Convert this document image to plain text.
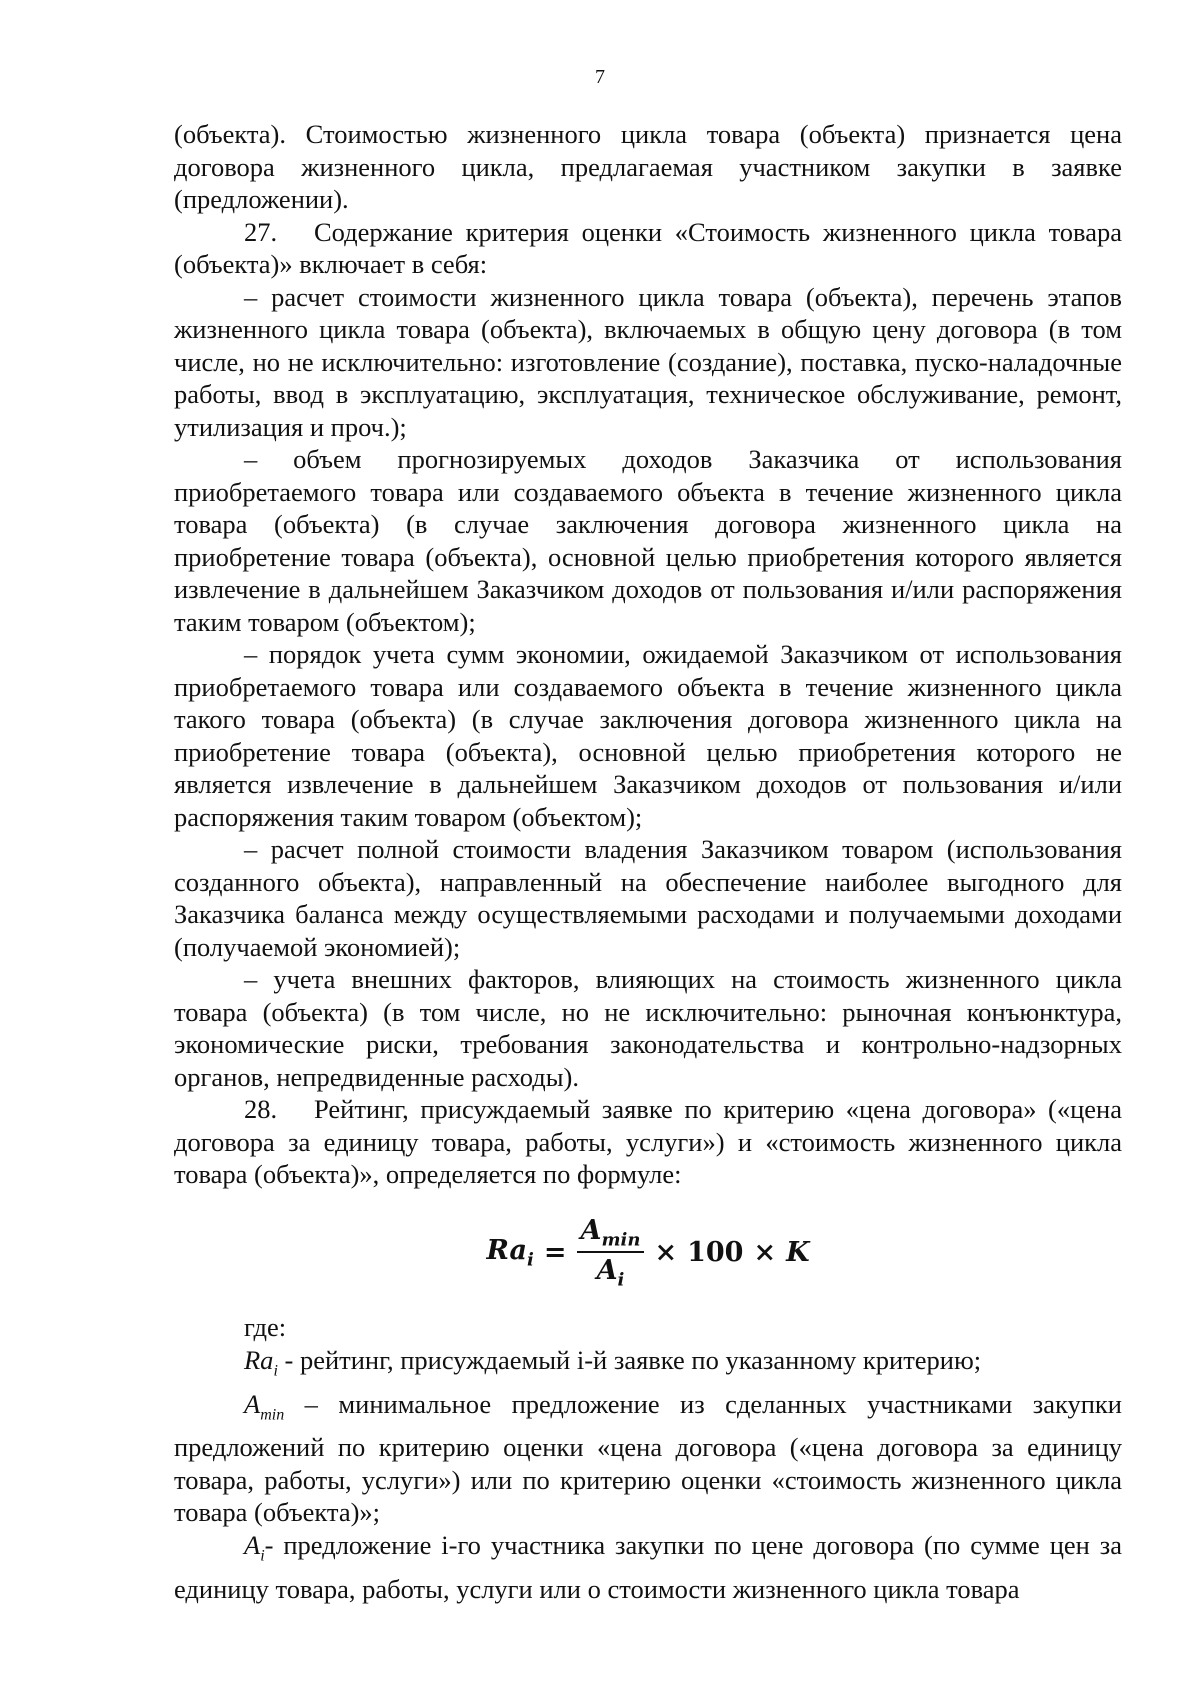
7

(объекта). Стоимостью жизненного цикла товара (объекта) признается цена договора жизненного цикла, предлагаемая участником закупки в заявке (предложении).

27. Содержание критерия оценки «Стоимость жизненного цикла товара (объекта)» включает в себя:

– расчет стоимости жизненного цикла товара (объекта), перечень этапов жизненного цикла товара (объекта), включаемых в общую цену договора (в том числе, но не исключительно: изготовление (создание), поставка, пуско-наладочные работы, ввод в эксплуатацию, эксплуатация, техническое обслуживание, ремонт, утилизация и проч.);

– объем прогнозируемых доходов Заказчика от использования приобретаемого товара или создаваемого объекта в течение жизненного цикла товара (объекта) (в случае заключения договора жизненного цикла на приобретение товара (объекта), основной целью приобретения которого является извлечение в дальнейшем Заказчиком доходов от пользования и/или распоряжения таким товаром (объектом);

– порядок учета сумм экономии, ожидаемой Заказчиком от использования приобретаемого товара или создаваемого объекта в течение жизненного цикла такого товара (объекта) (в случае заключения договора жизненного цикла на приобретение товара (объекта), основной целью приобретения которого не является извлечение в дальнейшем Заказчиком доходов от пользования и/или распоряжения таким товаром (объектом);

– расчет полной стоимости владения Заказчиком товаром (использования созданного объекта), направленный на обеспечение наиболее выгодного для Заказчика баланса между осуществляемыми расходами и получаемыми доходами (получаемой экономией);

– учета внешних факторов, влияющих на стоимость жизненного цикла товара (объекта) (в том числе, но не исключительно: рыночная конъюнктура, экономические риски, требования законодательства и контрольно-надзорных органов, непредвиденные расходы).

28. Рейтинг, присуждаемый заявке по критерию «цена договора» («цена договора за единицу товара, работы, услуги») и «стоимость жизненного цикла товара (объекта)», определяется по формуле:

$Ra_i = \frac{A_{min}}{A_i} \times 100 \times K$

где:

$Ra_i$ - рейтинг, присуждаемый i-й заявке по указанному критерию;

$A_{min}$ – минимальное предложение из сделанных участниками закупки предложений по критерию оценки «цена договора («цена договора за единицу товара, работы, услуги») или по критерию оценки «стоимость жизненного цикла товара (объекта)»;

$A_i-$ предложение i-го участника закупки по цене договора (по сумме цен за единицу товара, работы, услуги или о стоимости жизненного цикла товара
